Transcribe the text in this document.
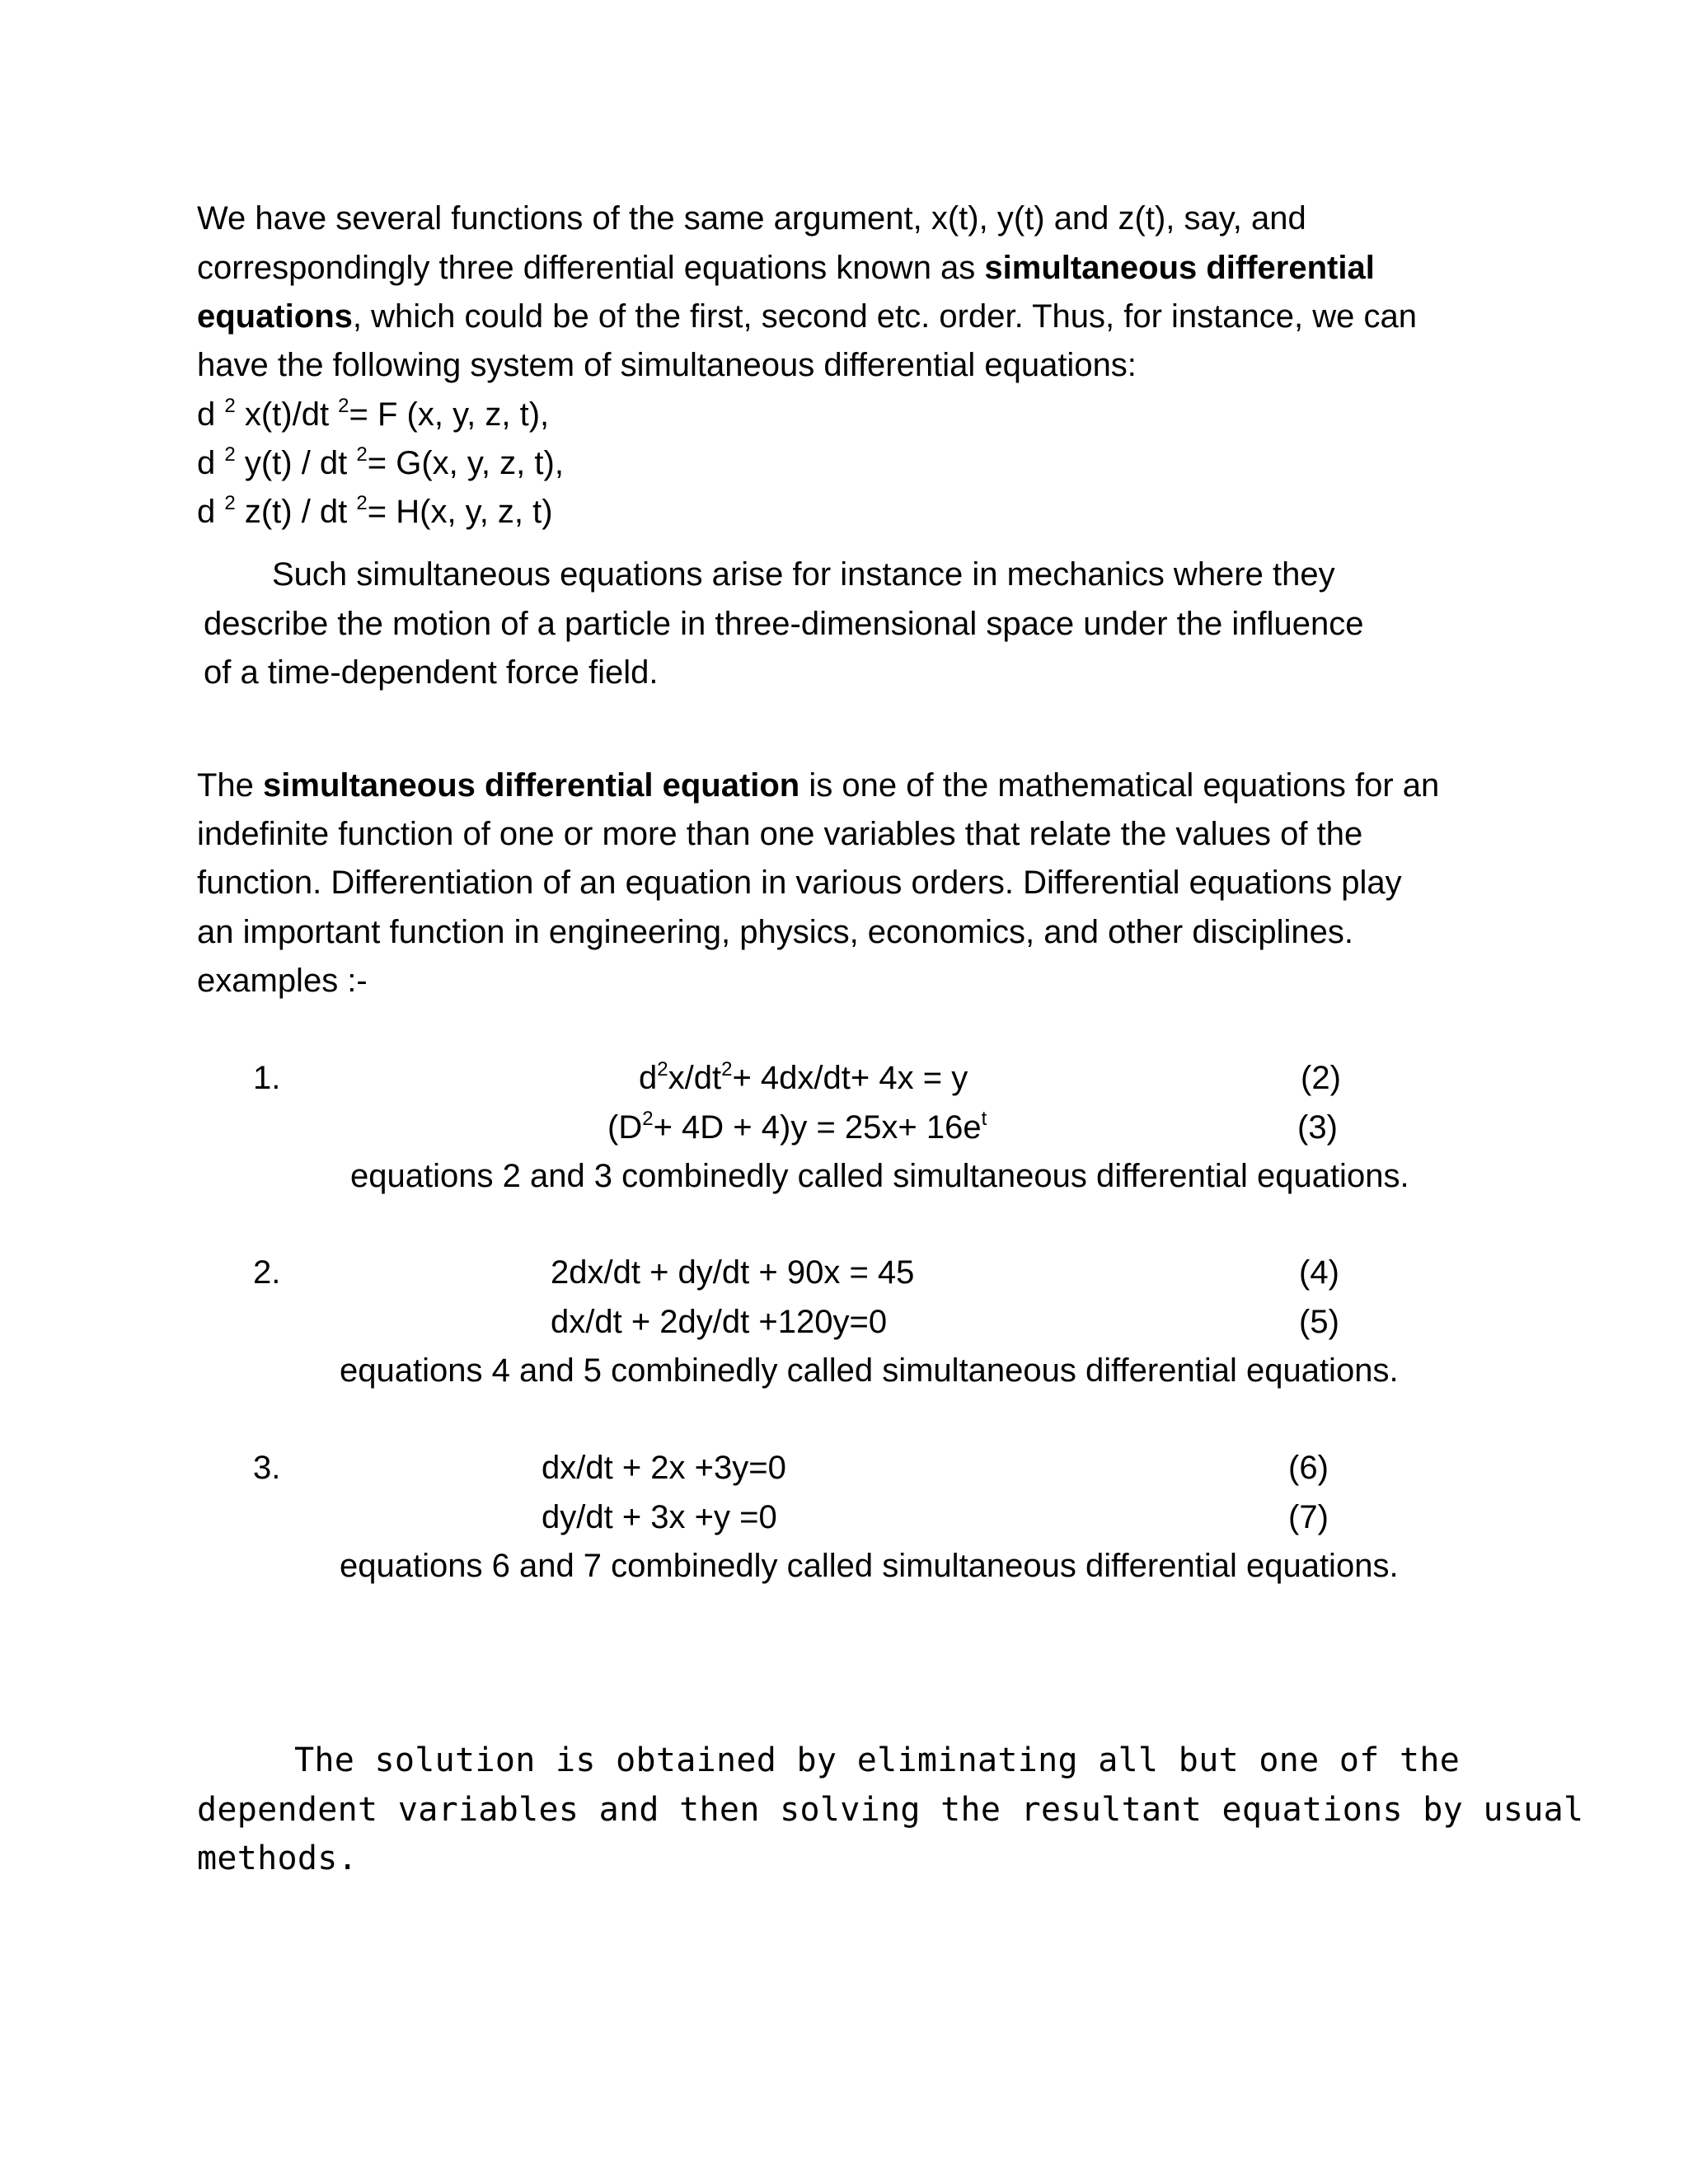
We have several functions of the same argument, x(t), y(t) and z(t), say, and
correspondingly three differential equations known as simultaneous differential
equations, which could be of the first, second etc. order. Thus, for instance, we can
have the following system of simultaneous differential equations:
d $^2$ x(t)/dt $^2$= F (x, y, z, t),
d $^2$ y(t) / dt $^2$= G(x, y, z, t),
d $^2$ z(t) / dt $^2$= H(x, y, z, t)
Such simultaneous equations arise for instance in mechanics where they
describe the motion of a particle in three-dimensional space under the influence
of a time-dependent force field.
The simultaneous differential equation is one of the mathematical equations for an
indefinite function of one or more than one variables that relate the values of the
function. Differentiation of an equation in various orders. Differential equations play
an important function in engineering, physics, economics, and other disciplines.
examples :-
1.	$d^2x/dt^2+ 4dx/dt+ 4x = y$	(2)
$(D^2+ 4D + 4)y = 25x+ 16e^t$	(3)
equations 2 and 3 combinedly called simultaneous differential equations.
2.	2dx/dt + dy/dt + 90x = 45	(4)
dx/dt + 2dy/dt +120y=0	(5)
equations 4 and 5 combinedly called simultaneous differential equations.
3.	dx/dt + 2x +3y=0	(6)
dy/dt + 3x +y =0	(7)
equations 6 and 7 combinedly called simultaneous differential equations.
The solution is obtained by eliminating all but one of the
dependent variables and then solving the resultant equations by usual
methods.
